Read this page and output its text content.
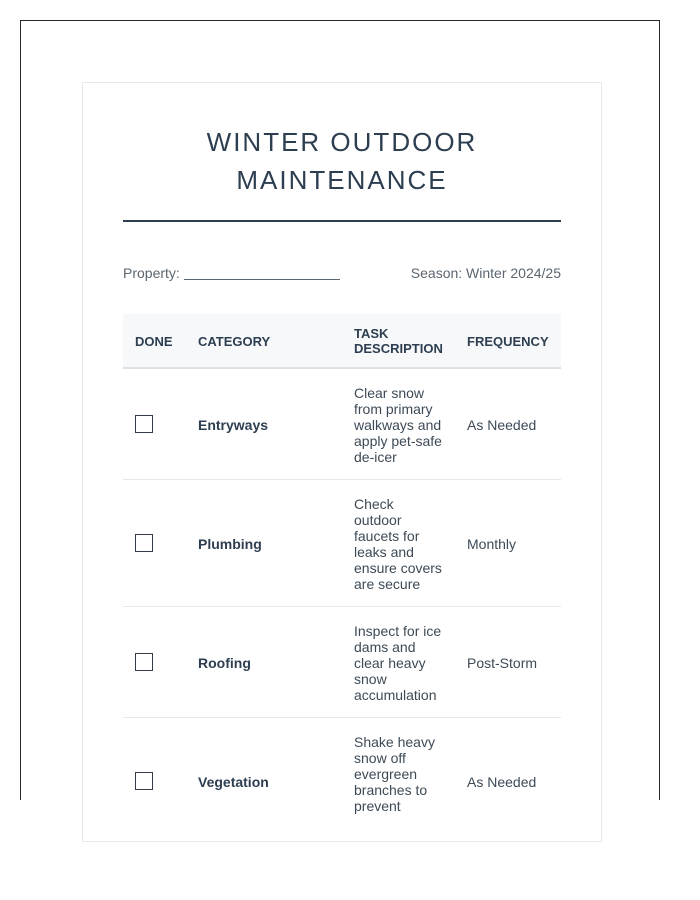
WINTER OUTDOOR
MAINTENANCE
Property:	Season: Winter 2024/25
DONE CATEGORY
TASK
DESCRIPTION	FREQUENCY
Entryways
Clear snow
from primary
walkways and
apply pet-safe
de-icer
As Needed
Plumbing
Check
outdoor
faucets for
leaks and
ensure covers
are secure
Monthly
Roofing
Inspect for ice
dams and
clear heavy
snow
accumulation
Post-Storm
Vegetation
Shake heavy
snow off
evergreen
branches to
prevent
As Needed
